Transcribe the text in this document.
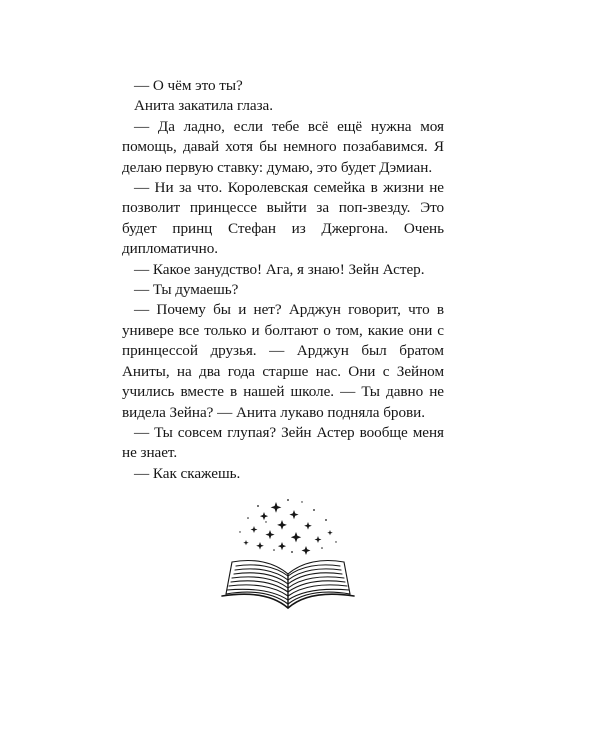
— О чём это ты?

Анита закатила глаза.

— Да ладно, если тебе всё ещё нужна моя помощь, давай хотя бы немного позабавимся. Я делаю первую ставку: думаю, это будет Дэмиан.

— Ни за что. Королевская семейка в жизни не позволит принцессе выйти за поп-звезду. Это будет принц Стефан из Джергона. Очень дипломатично.

— Какое занудство! Ага, я знаю! Зейн Астер.

— Ты думаешь?

— Почему бы и нет? Арджун говорит, что в универе все только и болтают о том, какие они с принцессой друзья. — Арджун был братом Аниты, на два года старше нас. Они с Зейном учились вместе в нашей школе. — Ты давно не видела Зейна? — Анита лукаво подняла брови.

— Ты совсем глупая? Зейн Астер вообще меня не знает.

— Как скажешь.
